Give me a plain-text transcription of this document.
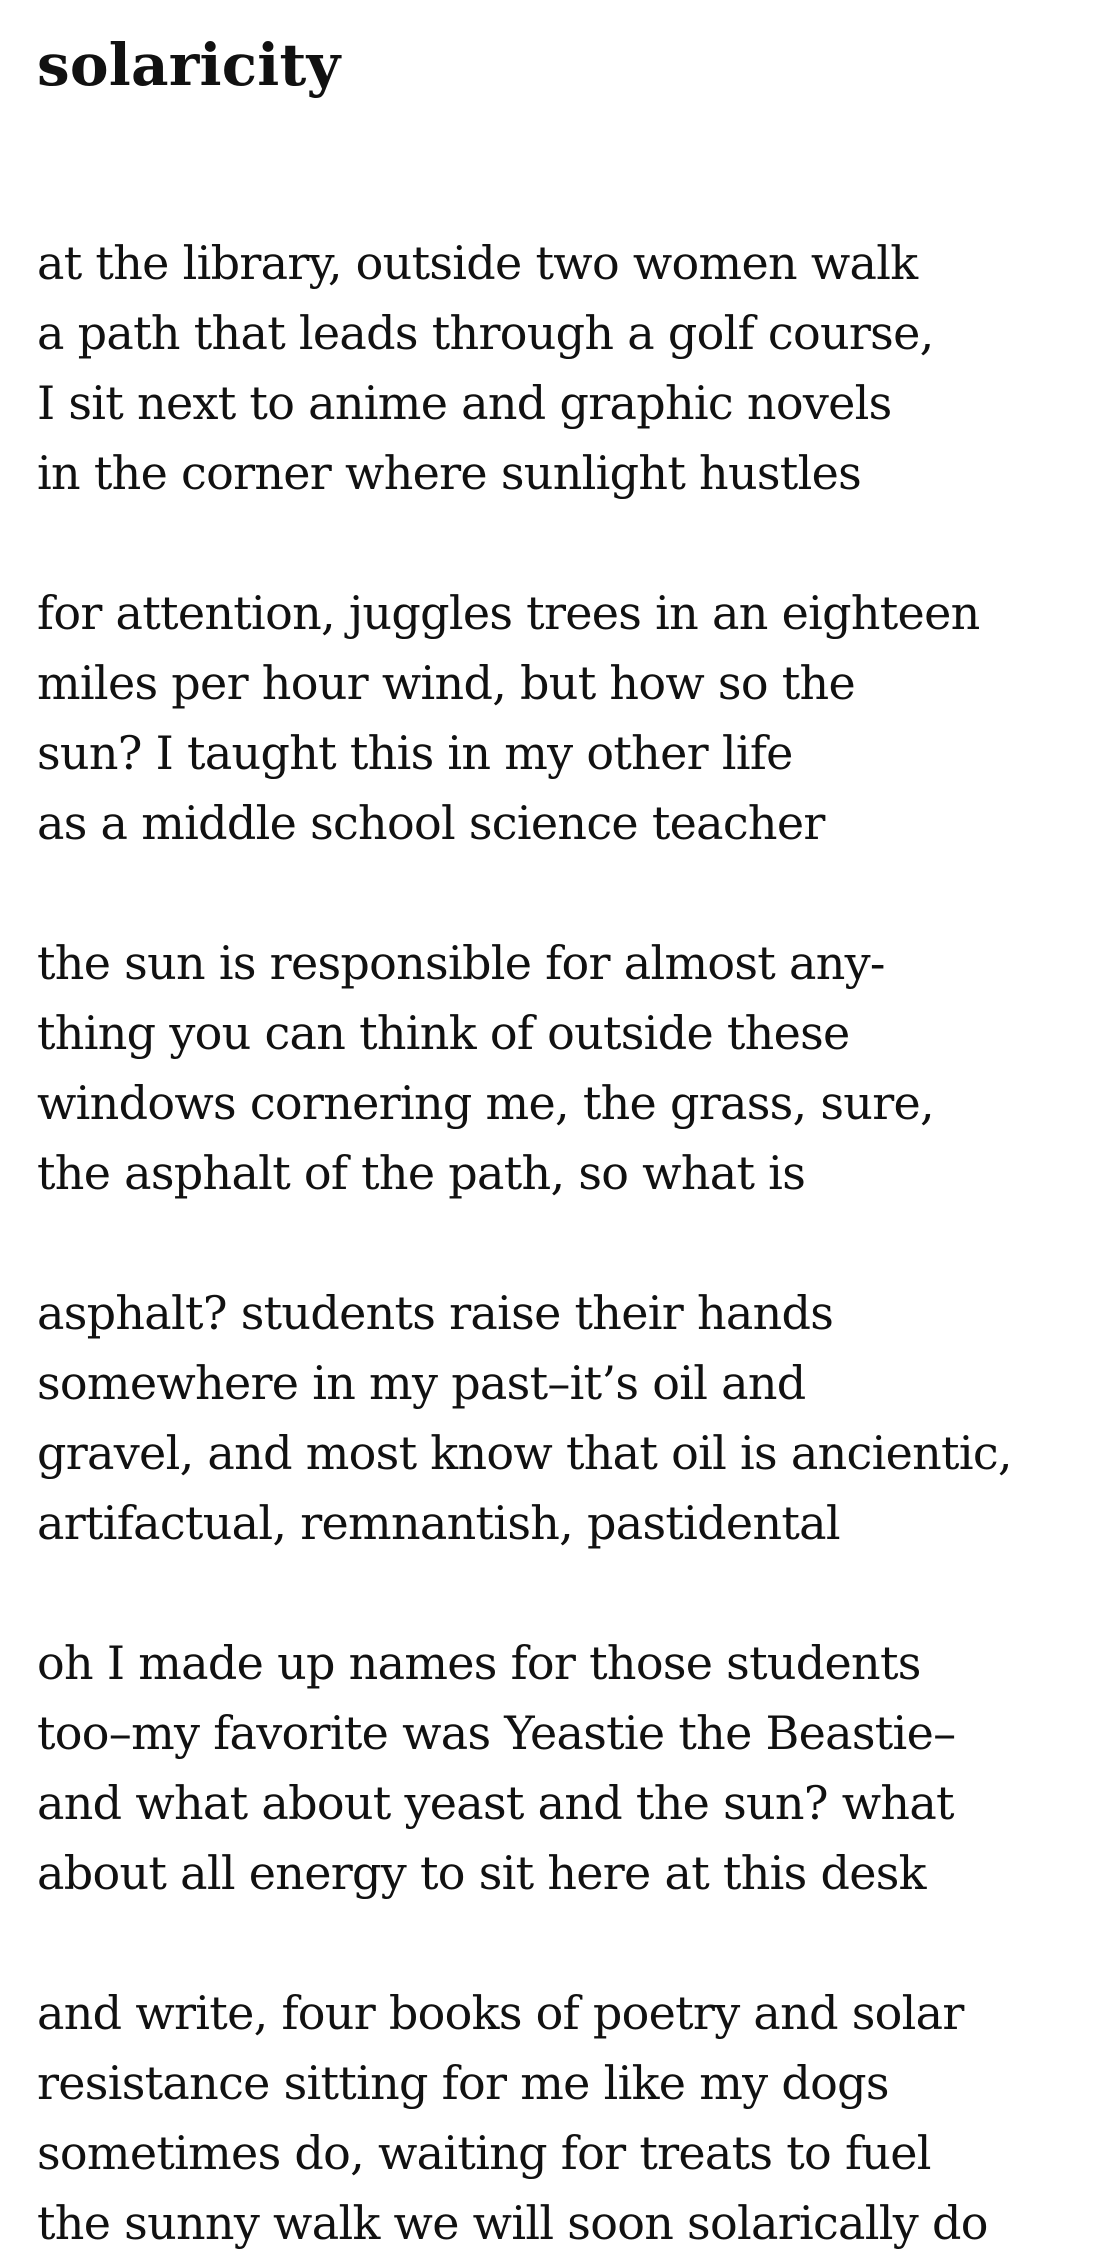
solaricity

at the library, outside two women walk
a path that leads through a golf course,
I sit next to anime and graphic novels
in the corner where sunlight hustles

for attention, juggles trees in an eighteen
miles per hour wind, but how so the
sun? I taught this in my other life
as a middle school science teacher

the sun is responsible for almost any-
thing you can think of outside these
windows cornering me, the grass, sure,
the asphalt of the path, so what is

asphalt? students raise their hands
somewhere in my past–it’s oil and
gravel, and most know that oil is ancientic,
artifactual, remnantish, pastidental

oh I made up names for those students
too–my favorite was Yeastie the Beastie–
and what about yeast and the sun? what
about all energy to sit here at this desk

and write, four books of poetry and solar
resistance sitting for me like my dogs
sometimes do, waiting for treats to fuel
the sunny walk we will soon solarically do
